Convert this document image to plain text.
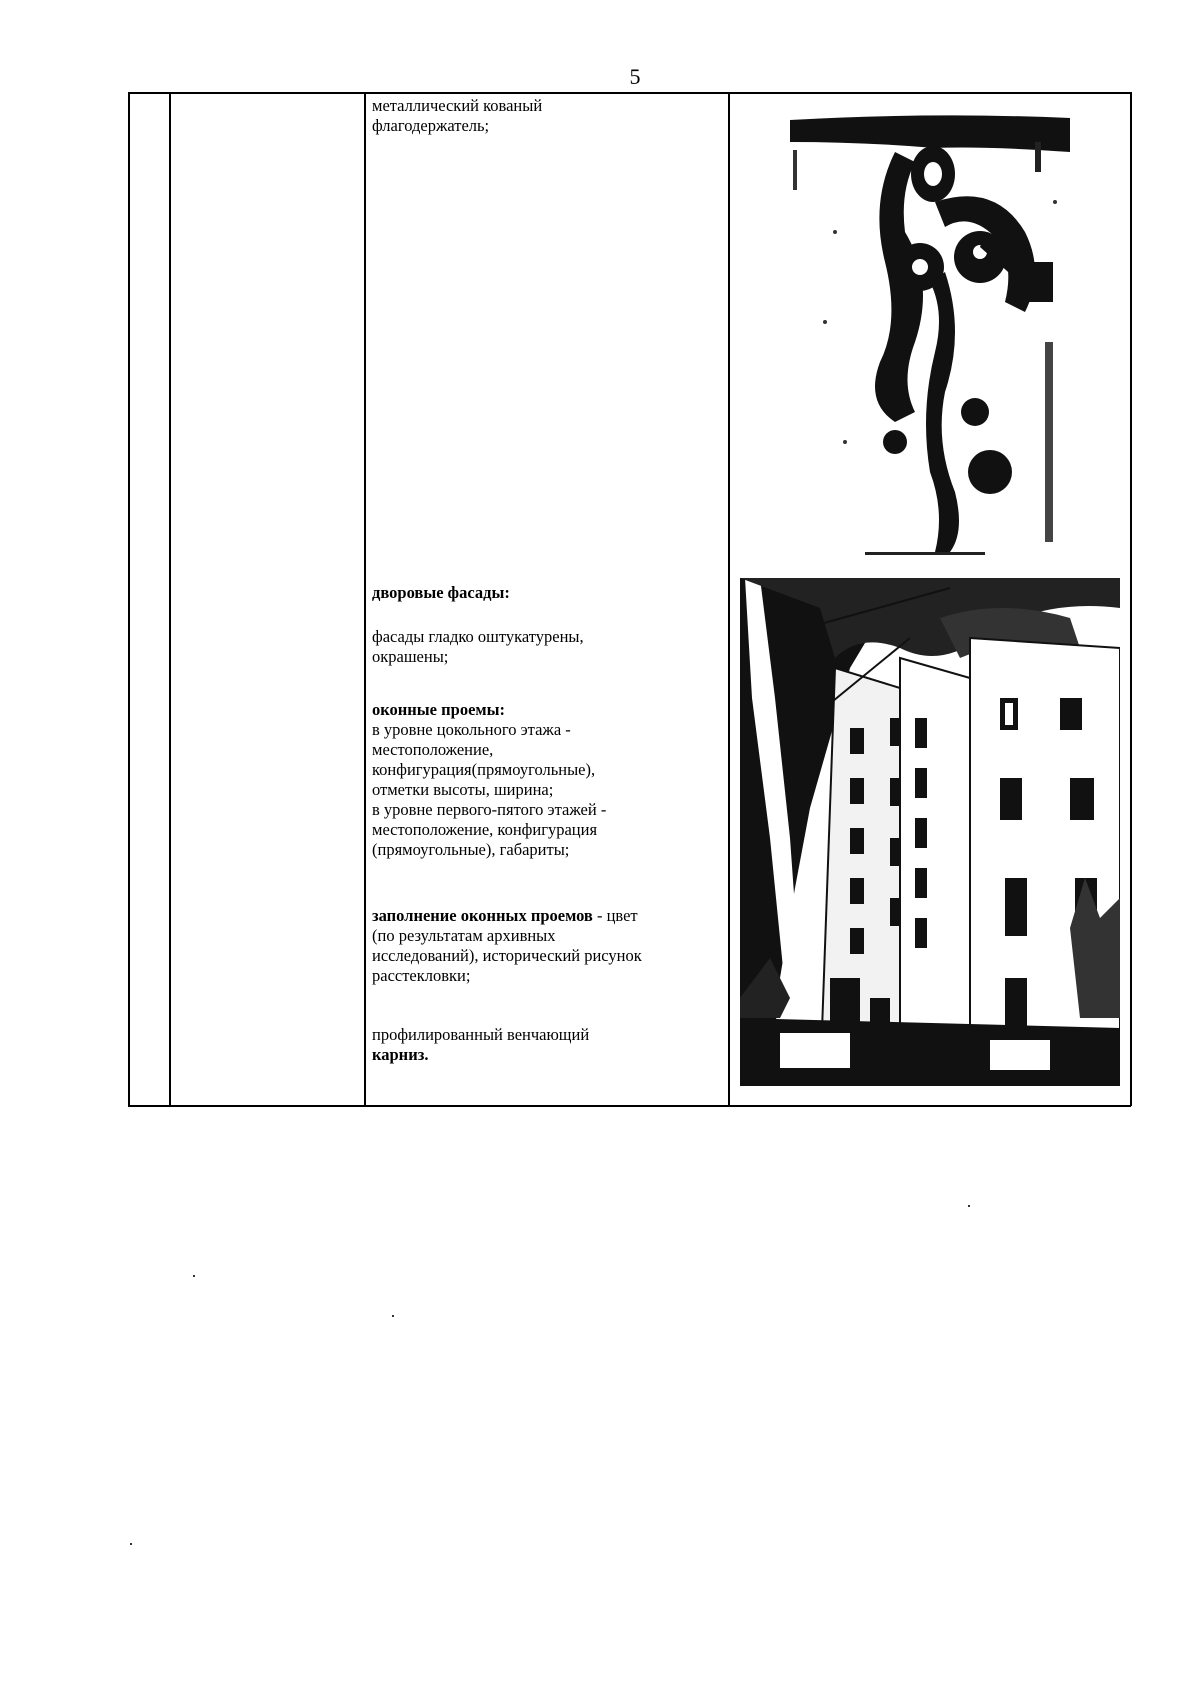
5

металлический кованый

флагодержатель;

дворовые фасады:

фасады гладко оштукатурены,

окрашены;

оконные проемы:

в уровне цокольного этажа -

местоположение,

конфигурация(прямоугольные),

отметки высоты, ширина;

в уровне первого-пятого этажей -

местоположение, конфигурация

(прямоугольные), габариты;

заполнение оконных проемов - цвет

(по результатам архивных

исследований), исторический рисунок

расстекловки;

профилированный венчающий

карниз.
